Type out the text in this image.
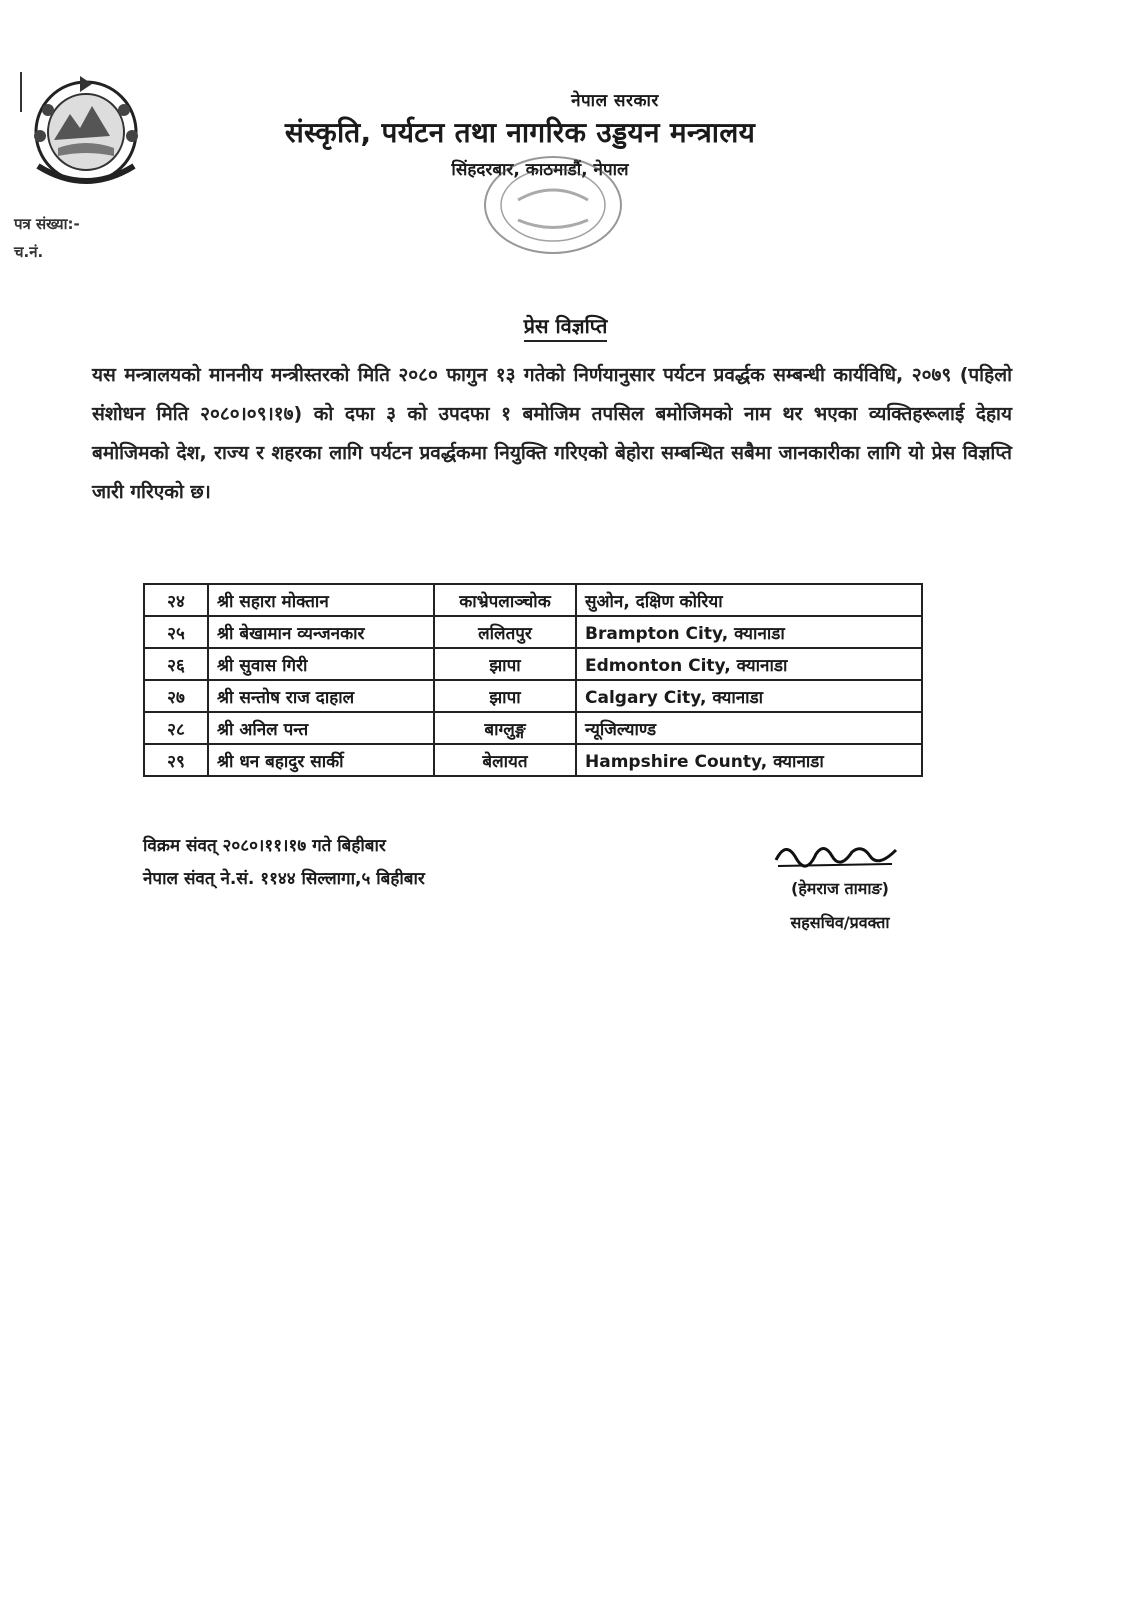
नेपाल सरकार
संस्कृति, पर्यटन तथा नागरिक उड्डयन मन्त्रालय
सिंहदरबार, काठमाडौं, नेपाल
पत्र संख्या:-
च.नं.
प्रेस विज्ञप्ति
यस मन्त्रालयको माननीय मन्त्रीस्तरको मिति २०८० फागुन १३ गतेको निर्णयानुसार पर्यटन प्रवर्द्धक सम्बन्धी कार्यविधि, २०७९ (पहिलो संशोधन मिति २०८०।०९।१७) को दफा ३ को उपदफा १ बमोजिम तपसिल बमोजिमको नाम थर भएका व्यक्तिहरूलाई देहाय बमोजिमको देश, राज्य र शहरका लागि पर्यटन प्रवर्द्धकमा नियुक्ति गरिएको बेहोरा सम्बन्धित सबैमा जानकारीका लागि यो प्रेस विज्ञप्ति जारी गरिएको छ।
२४	श्री सहारा मोक्तान	काभ्रेपलाञ्चोक	सुओन, दक्षिण कोरिया
२५	श्री बेखामान व्यन्जनकार	ललितपुर	Brampton City, क्यानाडा
२६	श्री सुवास गिरी	झापा	Edmonton City, क्यानाडा
२७	श्री सन्तोष राज दाहाल	झापा	Calgary City, क्यानाडा
२८	श्री अनिल पन्त	बाग्लुङ्ग	न्यूजिल्याण्ड
२९	श्री धन बहादुर सार्की	बेलायत	Hampshire County, क्यानाडा
विक्रम संवत् २०८०।११।१७ गते बिहीबार
नेपाल संवत् ने.सं. ११४४ सिल्लागा,५ बिहीबार	(हेमराज तामाङ)
सहसचिव/प्रवक्ता
